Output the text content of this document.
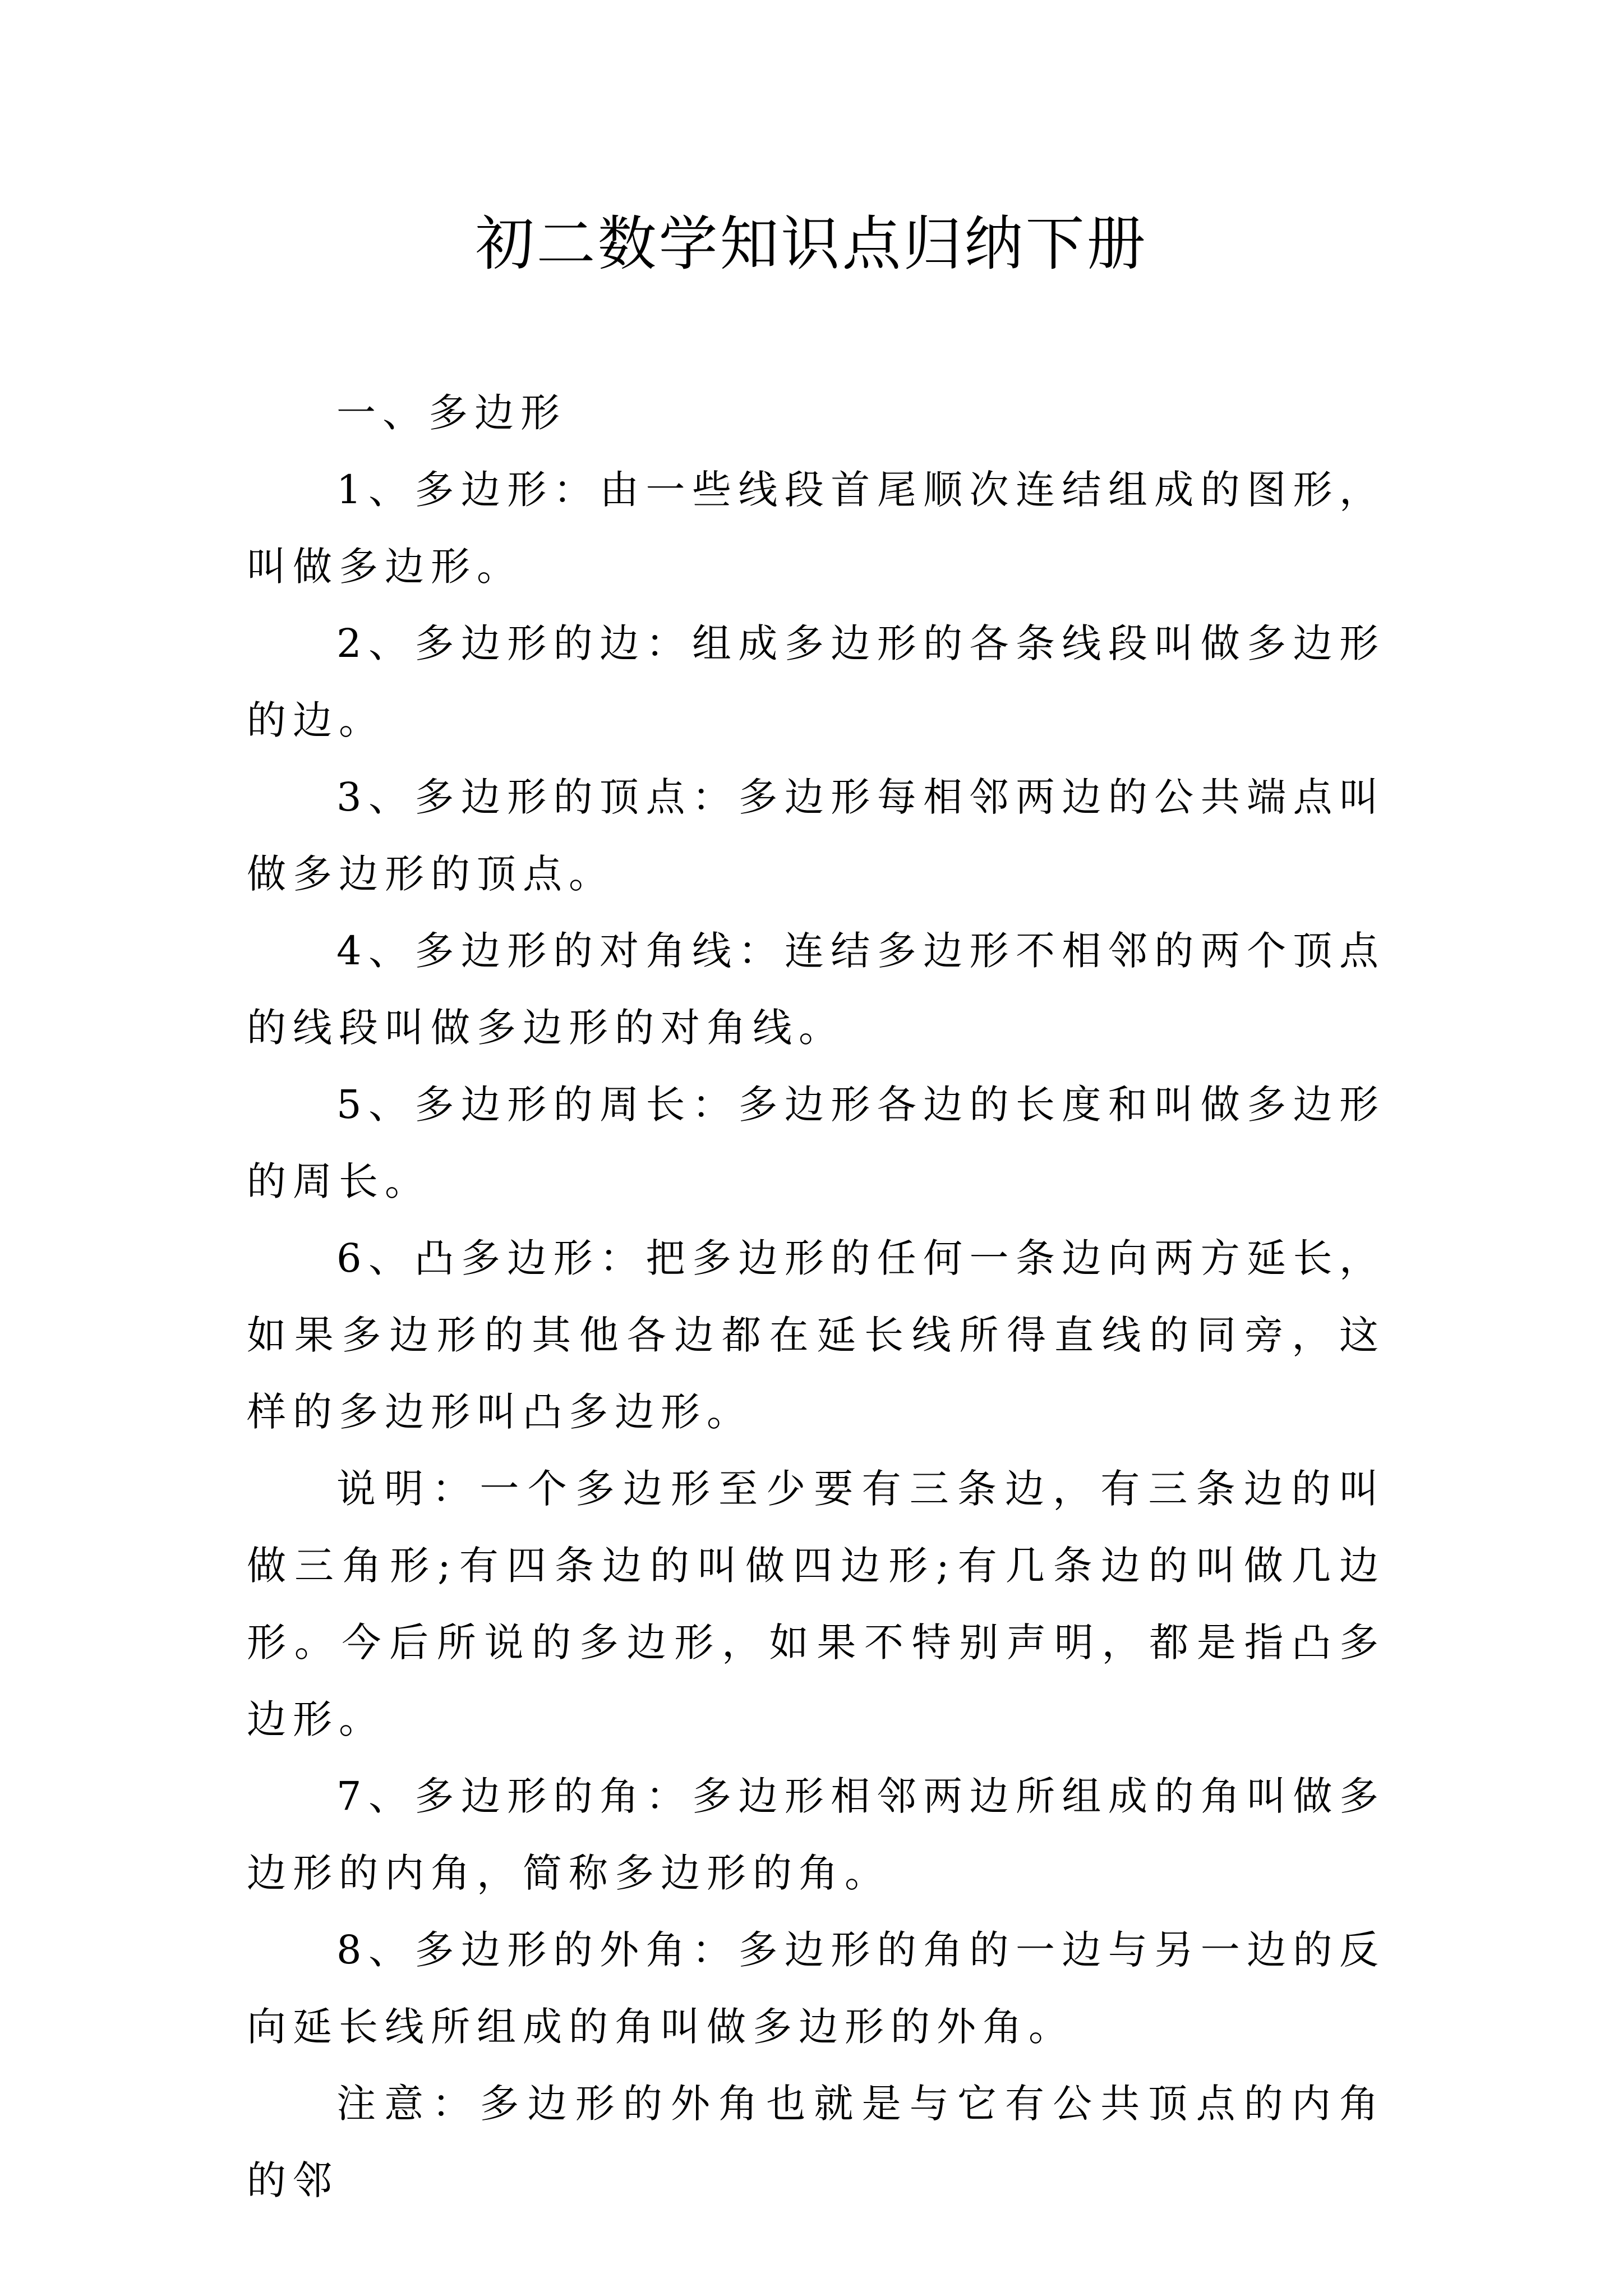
初二数学知识点归纳下册

一、多边形

1、多边形：由一些线段首尾顺次连结组成的图形，叫做多边形。

2、多边形的边：组成多边形的各条线段叫做多边形的边。

3、多边形的顶点：多边形每相邻两边的公共端点叫做多边形的顶点。

4、多边形的对角线：连结多边形不相邻的两个顶点的线段叫做多边形的对角线。

5、多边形的周长：多边形各边的长度和叫做多边形的周长。

6、凸多边形：把多边形的任何一条边向两方延长，如果多边形的其他各边都在延长线所得直线的同旁，这样的多边形叫凸多边形。

说明：一个多边形至少要有三条边，有三条边的叫做三角形;有四条边的叫做四边形;有几条边的叫做几边形。今后所说的多边形，如果不特别声明，都是指凸多边形。

7、多边形的角：多边形相邻两边所组成的角叫做多边形的内角，简称多边形的角。

8、多边形的外角：多边形的角的一边与另一边的反向延长线所组成的角叫做多边形的外角。

注意：多边形的外角也就是与它有公共顶点的内角的邻
